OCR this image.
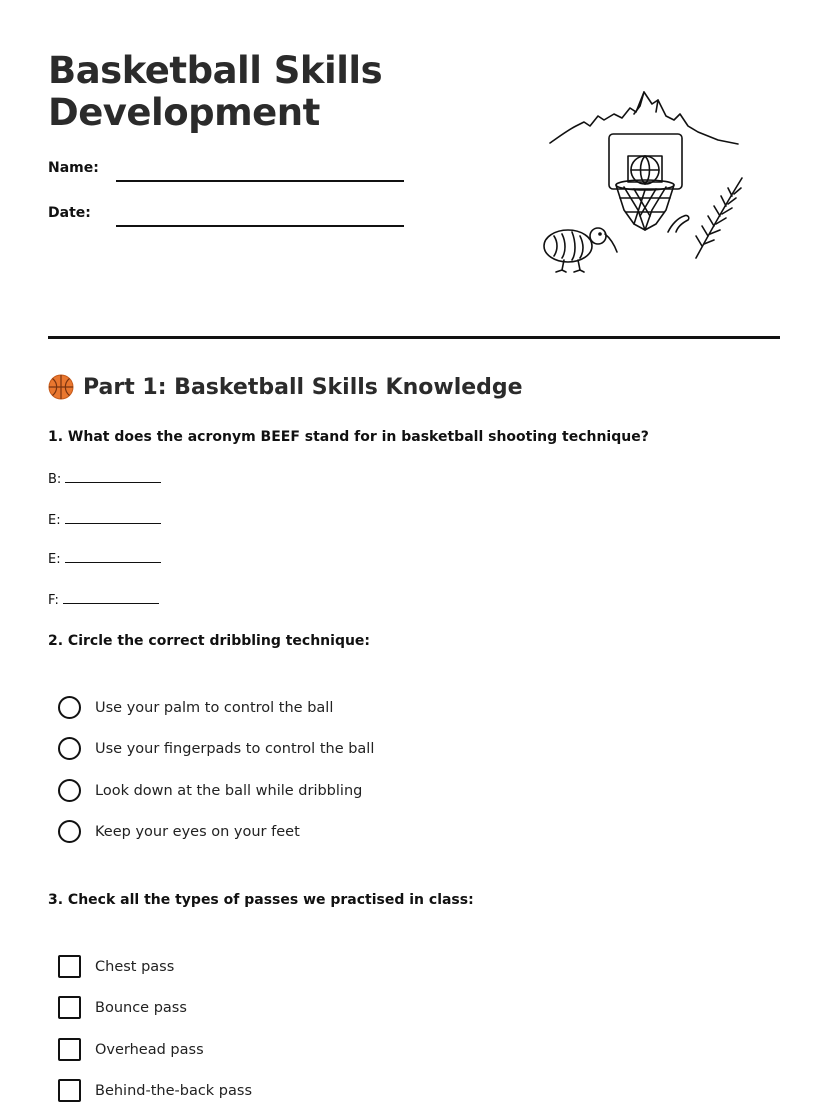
Basketball Skills
Development
Name:
Date:
Part 1: Basketball Skills Knowledge

1. What does the acronym BEEF stand for in basketball shooting technique?

B:
E:
E:
F:

2. Circle the correct dribbling technique:

Use your palm to control the ball
Use your fingerpads to control the ball
Look down at the ball while dribbling
Keep your eyes on your feet

3. Check all the types of passes we practised in class:

Chest pass
Bounce pass
Overhead pass
Behind-the-back pass
